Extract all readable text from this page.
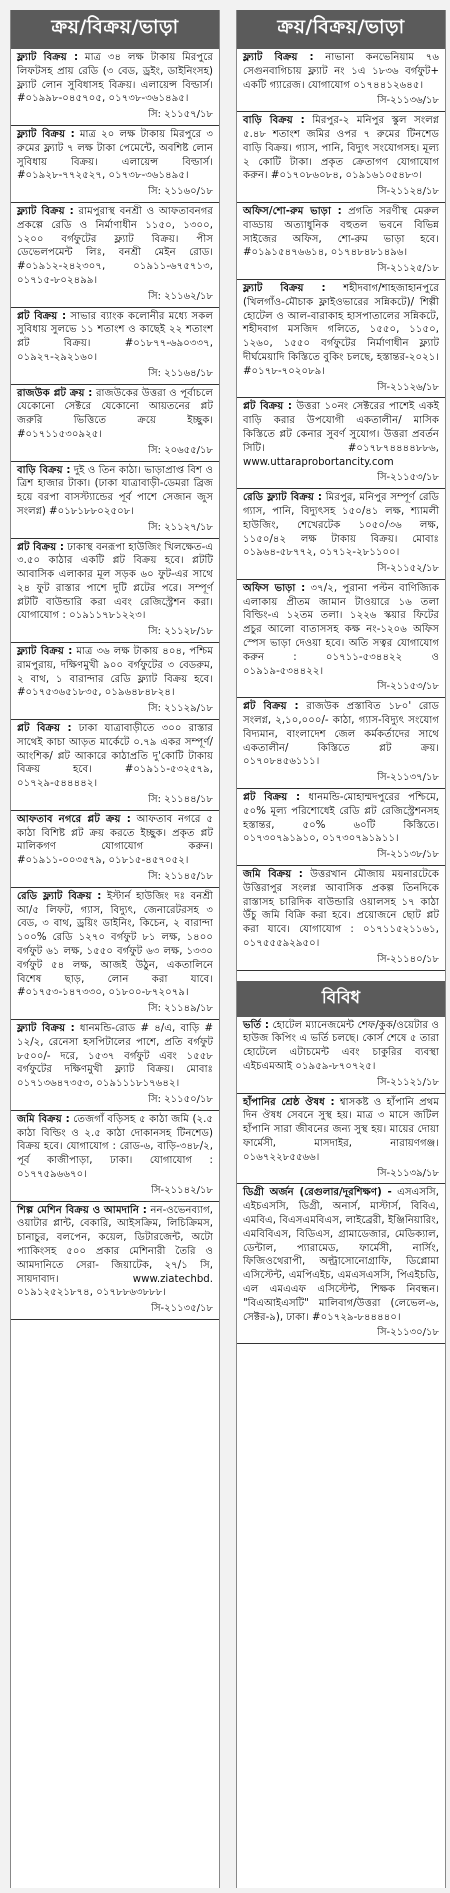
ক্রয়/বিক্রয়/ভাড়া
ফ্ল্যাট বিক্রয় : মাত্র ৩৪ লক্ষ টাকায় মিরপুরে লিফটসহ প্রায় রেডি (৩ বেড, ড্রইং, ডাইনিংসহ) ফ্ল্যাট লোন সুবিধাসহ বিক্রয়। এলায়েন্স বিল্ডার্স। #০১৯৯৮-০৪৫৭০৫, ০১৭৩৮-৩৬১৪৯৫।
সি: ২১১৫৭/১৮
ফ্ল্যাট বিক্রয় : মাত্র ২০ লক্ষ টাকায় মিরপুরে ৩ রুমের ফ্ল্যাট ৭ লক্ষ টাকা পেমেন্টে, অবশিষ্ট লোন সুবিধায় বিক্রয়। এলায়েন্স বিল্ডার্স। #০১৯২৮-৭৭২৫২৭, ০১৭৩৮-৩৬১৪৯৫।
সি: ২১১৬০/১৮
ফ্ল্যাট বিক্রয় : রামপুরাস্থ বনশ্রী ও আফতাবনগর প্রকল্পে রেডি ও নির্মাণাধীন ১১৫০, ১৩০০, ১২০০ বর্গফুটের ফ্ল্যাট বিক্রয়। পীস ডেভেলপমেন্ট লিঃ, বনশ্রী মেইন রোড। #০১৯১২-২৪২৩০৭, ০১৯১১-৬৭৫৭১৩, ০১৭১৫-৮০২৪৯৯।
সি: ২১১৬২/১৮
প্লট বিক্রয় : সাভার ব্যাংক কলোনীর মধ্যে সকল সুবিধায় সুলভে ১১ শতাংশ ও কাছেই ২২ শতাংশ প্লট বিক্রয়। #০১৮৭৭-৬৯০৩৩৭, ০১৯২৭-২৯২১৬০।
সি: ২১১৬৪/১৮
রাজউক প্লট ক্রয় : রাজউকের উত্তরা ও পূর্বাচলে যেকোনো সেক্টরে যেকোনো আয়তনের প্লট জরুরি ভিত্তিতে ক্রয়ে ইচ্ছুক। #০১৭১১৫৩০৯২৫।
সি: ২০৬৫৫/১৮
বাড়ি বিক্রয় : দুই ও তিন কাঠা। ভাড়াপ্রাপ্ত বিশ ও ত্রিশ হাজার টাকা। (ঢাকা যাত্রাবাড়ী-ডেমরা ব্রিজ হয়ে বরপা বাসস্ট্যান্ডের পূর্ব পাশে সেজান জুস সংলগ্ন) #০১৮১৮৮০২৫০৮।
সি: ২১১২৭/১৮
প্লট বিক্রয় : ঢাকাস্থ বনরূপা হাউজিং খিলক্ষেত-এ ৩.৫০ কাঠার একটি প্লট বিক্রয় হবে। প্লটটি আবাসিক এলাকার মূল সড়ক ৬০ ফুট-এর সাথে ২৪ ফুট রাস্তার পাশে দুটি প্লটের পরে। সম্পূর্ণ প্লটটি বাউন্ডারি করা এবং রেজিস্ট্রেশন করা। যোগাযোগ : ০১৯১১৭৮১২২৩।
সি: ২১১২৮/১৮
ফ্ল্যাট বিক্রয় : মাত্র ৩৬ লক্ষ টাকায় ৪০৪, পশ্চিম রামপুরায়, দক্ষিণমুখী ৯০০ বর্গফুটের ৩ বেডরুম, ২ বাথ, ১ বারান্দার রেডি ফ্ল্যাট বিক্রয় হবে। #০১৭৫৩৬৫১৮৩৫, ০১৯৬৪৮৪৮২৪।
সি: ২১১২৯/১৮
প্লট বিক্রয় : ঢাকা যাত্রাবাড়ীতে ৩০০ রাস্তার সাথেই কাচা আড়ত মার্কেটে ০.৭৯ একর সম্পূর্ণ/আংশিক/ প্লট আকারে কাঠাপ্রতি দু'কোটি টাকায় বিক্রয় হবে। #০১৯১১-৫৩২৫৭৯, ০১৭২৯-৫৪৪৪৪২।
সি: ২১১৪৪/১৮
আফতাব নগরে প্লট ক্রয় : আফতাব নগরে ৫ কাঠা বিশিষ্ট প্লট ক্রয় করতে ইচ্ছুক। প্রকৃত প্লট মালিকগণ যোগাযোগ করুন। #০১৯১১-০০৩৫৭৯, ০১৮১৫-৪৫৭০৫২।
সি: ২১১৪৫/১৮
রেডি ফ্ল্যাট বিক্রয় : ইস্টার্ন হাউজিং দঃ বনশ্রী আ/৫ লিফট, গ্যাস, বিদ্যুৎ, জেনারেটরসহ ৩ বেড, ৩ বাথ, ড্রয়িং ডাইনিং, কিচেন, ২ বারান্দা ১০০% রেডি ১২৭০ বর্গফুট ৮১ লক্ষ, ১৪০০ বর্গফুট ৬১ লক্ষ, ১৫৫০ বর্গফুট ৬৩ লক্ষ, ১৩৩০ বর্গফুট ৫৪ লক্ষ, আজই উঠুন, একতালিনে বিশেষ ছাড়, লোন করা যাবে। #০১৭৫৩-১৪৭৩৩০, ০১৮০০-৮৭২০৭৯।
সি: ২১১৪৯/১৮
ফ্ল্যাট বিক্রয় : ধানমন্ডি-রোড # ৪/এ, বাড়ি # ১২/২, রেনেসা হসপিটালের পাশে, প্রতি বর্গফুট ৮৫০০/- দরে, ১৫৩৭ বর্গফুট এবং ১৫৫৮ বর্গফুটের দক্ষিণমুখী ফ্ল্যাট বিক্রয়। মোবাঃ ০১৭১৩৬৪৭৩৫৩, ০১৯১১১৮১৭৬৪২।
সি: ২১১৫০/১৮
জমি বিক্রয় : তেজগাঁ বড়িসহ ৫ কাঠা জমি (২.৫ কাঠা বিল্ডিং ও ২.৫ কাঠা দোকানসহ টিনশেড) বিক্রয় হবে। যোগাযোগ : রোড-৬, বাড়ি-৩৪৮/২, পূর্ব কাজীপাড়া, ঢাকা। যোগাযোগ : ০১৭৭৫৯৬৬৭০।
সি-২১১৪২/১৮
শিল্প মেশিন বিক্রয় ও আমদানি : নন-ওভেনব্যাগ, ওয়াটার প্লান্ট, বেকারি, আইসক্রিম, লিচিক্রিমস, চানাচুর, বলপেন, কয়েল, ডিটারজেন্ট, অটো প্যাকিংসহ ৫০০ প্রকার মেশিনারী তৈরি ও আমদানিতে সেরা- জিয়াটেক, ২৭/১ সি, সায়দাবাদ। www.ziatechbd. ০১৯১২৫২১৮৭৪, ০১৭৮৮৬৩৮৮৮।
সি-২১১৩৫/১৮
ক্রয়/বিক্রয়/ভাড়া
ফ্ল্যাট বিক্রয় : নাভানা কনভেনিয়াম ৭৬ সেগুনবাগিচায় ফ্ল্যাট নং ১এ ১৮৩৬ বর্গফুট+ একটি গ্যারেজ। যোগাযোগ ০১৭৪৪১২৬৪৫।
সি-২১১৩৬/১৮
বাড়ি বিক্রয় : মিরপুর-২ মনিপুর স্কুল সংলগ্ন ৫.৪৮ শতাংশ জমির ওপর ৭ রুমের টিনশেড বাড়ি বিক্রয়। গ্যাস, পানি, বিদ্যুৎ সংযোগসহ। মূল্য ২ কোটি টাকা। প্রকৃত ক্রেতাগণ যোগাযোগ করুন। #০১৭০৮৬০৮৪, ০১৯১৬১০৫৪৮৩।
সি-২১১২৪/১৮
অফিস/শো-রুম ভাড়া : প্রগতি সরণীস্থ মেরুল বাড্ডায় অত্যাধুনিক বহুতল ভবনে বিভিন্ন সাইজের অফিস, শো-রুম ভাড়া হবে। #০১৯১৫৪৭৬৬১৪, ০১৭৪৮৪৮১৪৯৬।
সি-২১১২৫/১৮
ফ্ল্যাট বিক্রয় : শহীদবাগ/শাহজাহানপুরে (খিলগাঁও-মৌচাক ফ্লাইওভারের সন্নিকটে)/ শিল্পী হোটেল ও আল-বারাকাহ হাসপাতালের সন্নিকটে, শহীদবাগ মসজিদ গলিতে, ১৫৫০, ১১৫০, ১২৬০, ১৫৫০ বর্গফুটের নির্মাণাধীন ফ্ল্যাট দীর্ঘমেয়াদি কিস্তিতে বুকিং চলছে, হস্তান্তর-২০২১। #০১৭৮-৭০২০৮৯।
সি-২১১২৬/১৮
প্লট বিক্রয় : উত্তরা ১০নং সেক্টরের পাশেই একই বাড়ি করার উপযোগী একতালীন/ মাসিক কিস্তিতে প্লট কেনার সুবর্ণ সুযোগ। উত্তরা প্রবর্তন সিটি। #০১৭৮৭৪৪৪৪৮৮৬, www.uttaraprobortancity.com
সি-২১১৫৩/১৮
রেডি ফ্ল্যাট বিক্রয় : মিরপুর, মনিপুর সম্পূর্ণ রেডি গ্যাস, পানি, বিদ্যুৎসহ ১৫০/৪১ লক্ষ, শ্যামলী হাউজিং, শেখেরটেক ১০৫০/৩৬ লক্ষ, ১১৫০/৪২ লক্ষ টাকায় বিক্রয়। মোবাঃ ০১৯৬৪-৫৮৭৭২, ০১৭১২-২৮১১০০।
সি-২১১৫২/১৮
অফিস ভাড়া : ৩৭/২, পুরানা পল্টন বাণিজ্যিক এলাকায় প্রীতম জামান টাওয়ারে ১৬ তলা বিল্ডিং-এ ১২তম তলা। ১২২৬ স্কয়ার ফিটের প্রচুর আলো বাতাসসহ কক্ষ নং-১২০৬ অফিস স্পেস ভাড়া দেওয়া হবে। অতি সত্বর যোগাযোগ করুন : ০১৭১১-৫৩৪৪২২ ও ০১৯১৯-৫৩৪৪২২।
সি-২১১৫৩/১৮
প্লট বিক্রয় : রাজউক প্রস্তাবিত ১৮০' রোড সংলগ্ন, ২,১০,০০০/- কাঠা, গ্যাস-বিদ্যুৎ সংযোগ বিদ্যমান, বাংলাদেশ জেল কর্মকর্তাদের সাথে একতালীন/ কিস্তিতে প্লট ক্রয়। ০১৭০৮৪৫৬১১১।
সি-২১১৩৭/১৮
প্লট বিক্রয় : ধানমন্ডি-মোহাম্মদপুরের পশ্চিমে, ৫০% মূল্য পরিশোধেই রেডি প্লট রেজিস্ট্রেশনসহ হস্তান্তর, ৫০% ৬০টি কিস্তিতে। ০১৭৩০৭৯১৯১০, ০১৭৩০৭৯১৯১১।
সি-২১১৩৮/১৮
জমি বিক্রয় : উত্তরখান মৌজায় ময়নারটেকে উত্তিরাপুর সংলগ্ন আবাসিক প্রকল্প তিনদিকে রাস্তাসহ চারিদিক বাউন্ডারি ওয়ালসহ ১৭ কাঠা উঁচু জমি বিক্রি করা হবে। প্রয়োজনে ছোট প্লট করা যাবে। যোগাযোগ : ০১৭১১৫২১১৬১, ০১৭৫৫৫৯২৯৫০।
সি-২১১৪০/১৮
বিবিধ
ভর্তি : হোটেল ম্যানেজমেন্ট শেফ/কুক/ওয়েটার ও হাউজ কিপিং এ ভর্তি চলছে। কোর্স শেষে ৫ তারা হোটেলে এটাচমেন্ট এবং চাকুরির ব্যবস্থা এইচএমআই ০১৯৫৯-৮৭০৭২৫।
সি-২১১২১/১৮
হাঁপানির শ্রেষ্ঠ ঔষধ : শ্বাসকষ্ট ও হাঁপানি প্রথম দিন ঔষধ সেবনে সুস্থ হয়। মাত্র ৩ মাসে জটিল হাঁপানি সারা জীবনের জন্য সুস্থ হয়। মায়ের দোয়া ফার্মেসী, মাসদাইর, নারায়ণগঞ্জ। ০১৬৭২২৮৫৫৬৬।
সি-২১১৩৯/১৮
ডিগ্রী অর্জন (রেগুলার/দূরশিক্ষণ) - এসএসসি, এইচএসসি, ডিগ্রী, অনার্স, মাস্টার্স, বিবিএ, এমবিএ, বিএসএমবিএস, লাইব্রেরী, ইঞ্জিনিয়ারিং, এমবিবিএস, বিডিএস, গ্রামাডেজার, মেডিক্যাল, ডেন্টাল, প্যারামেড, ফার্মেসী, নার্সিং, ফিজিওথেরাপী, অল্ট্রাসোনোগ্রাফি, ডিপ্লোমা এসিস্টেন্ট, এমপিএইচ, এমএসএসসি, পিএইচডি, এল এমএএফ এসিস্টেন্ট, শিক্ষক নিবন্ধন। "বিএআইএসটি" মালিবাগ/উত্তরা (লেভেল-৬, সেক্টর-৯), ঢাকা। #০১৭২৯-৮৪৪৪৪০।
সি-২১১৩০/১৮
